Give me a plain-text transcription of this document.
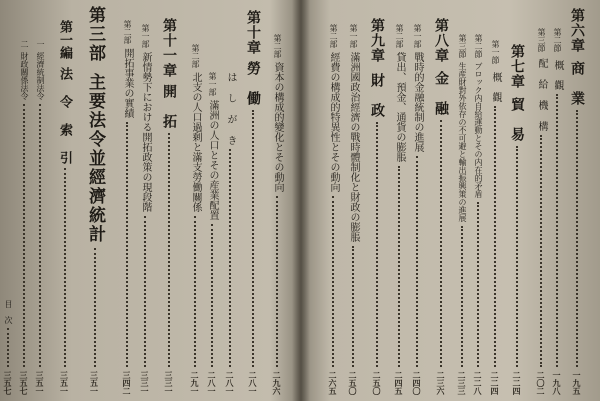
第二部
資本の構成的變化とその動向
二九六
第十章
勞　働
二八一
は し が き
二八一
第一部
滿洲の人口とその産業配置
二八一
第二部
北支の人口過剩と滿支勞働關係
二九一
第十一章
開　拓
三三一
第一部
新情勢下における開拓政策の現段階
三三一
第二部
開拓事業の實績
三四二
第三部
主要法令並經濟統計
三五一
第一編
法 令 索 引
三五一
一
經濟統制法令
三五一
二
財政關係法令
三五七
目　次
三五七
第六章
商　業
一九五
第二節
概　觀
一九八
第三節
配 給 機 構
二〇二
第七章
貿　易
二二四
第一節
概　觀
二二四
第二節
ブロック内自給運動とその内在的矛盾
二二八
第三節
生産財對外依存の不可避と輸出振興策の進展
二三三
第八章
金　融
二三六
第一部
戰時的金融統制の進展
二四〇
第二部
貸出、預金、通貨の膨脹
二四五
第九章
財　政
二五〇
第一部
滿洲國政治經濟の戰時體制化と財政の膨脹
二五〇
第二部
經費の構成的特異性とその動向
二六五
